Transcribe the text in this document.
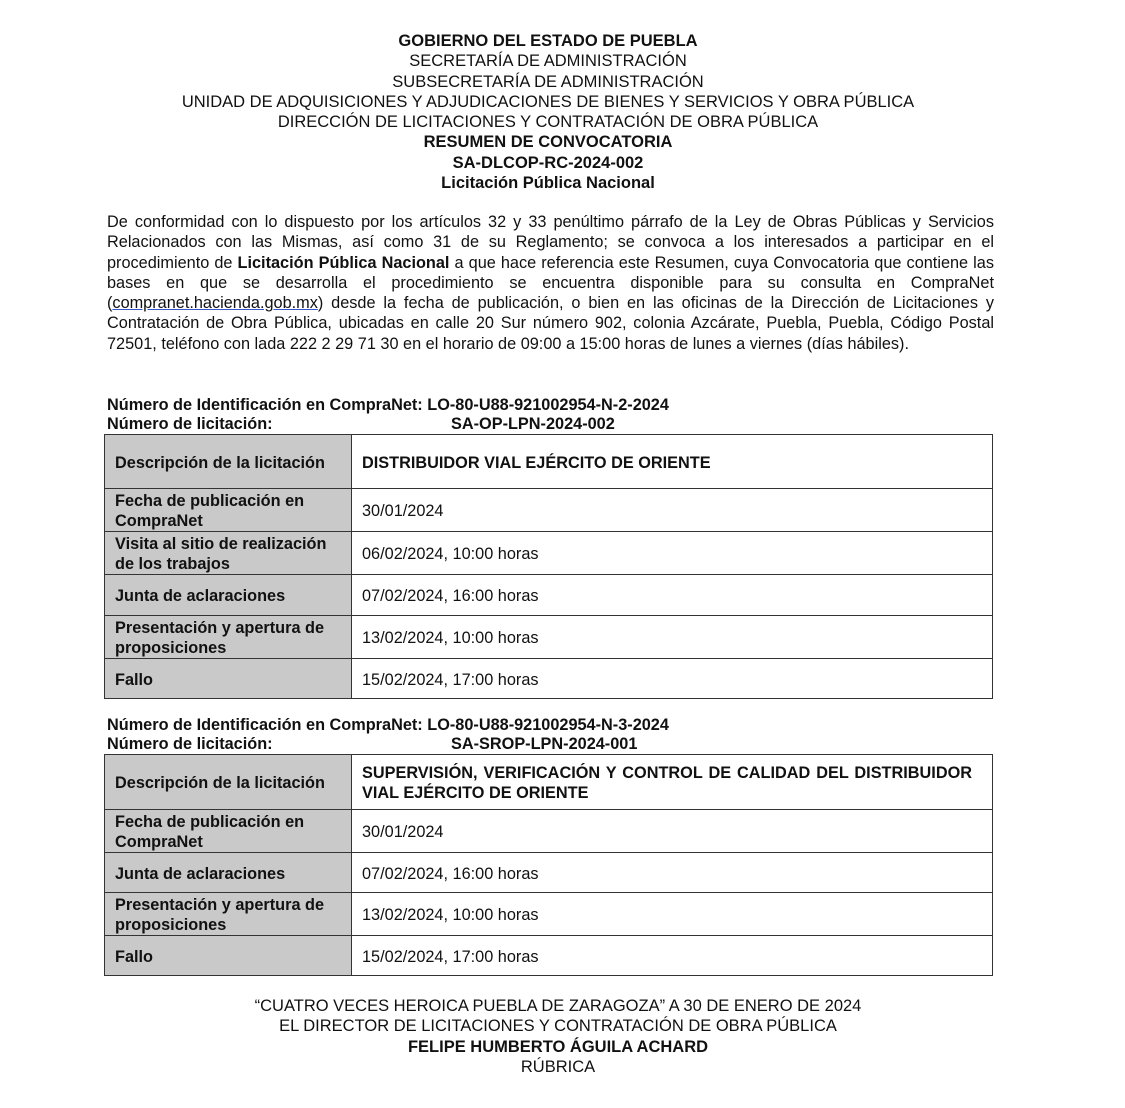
GOBIERNO DEL ESTADO DE PUEBLA
SECRETARÍA DE ADMINISTRACIÓN
SUBSECRETARÍA DE ADMINISTRACIÓN
UNIDAD DE ADQUISICIONES Y ADJUDICACIONES DE BIENES Y SERVICIOS Y OBRA PÚBLICA
DIRECCIÓN DE LICITACIONES Y CONTRATACIÓN DE OBRA PÚBLICA
RESUMEN DE CONVOCATORIA
SA-DLCOP-RC-2024-002
Licitación Pública Nacional

De conformidad con lo dispuesto por los artículos 32 y 33 penúltimo párrafo de la Ley de Obras Públicas y Servicios Relacionados con las Mismas, así como 31 de su Reglamento; se convoca a los interesados a participar en el procedimiento de Licitación Pública Nacional a que hace referencia este Resumen, cuya Convocatoria que contiene las bases en que se desarrolla el procedimiento se encuentra disponible para su consulta en CompraNet (compranet.hacienda.gob.mx) desde la fecha de publicación, o bien en las oficinas de la Dirección de Licitaciones y Contratación de Obra Pública, ubicadas en calle 20 Sur número 902, colonia Azcárate, Puebla, Puebla, Código Postal 72501, teléfono con lada 222 2 29 71 30 en el horario de 09:00 a 15:00 horas de lunes a viernes (días hábiles).

Número de Identificación en CompraNet: LO-80-U88-921002954-N-2-2024
Número de licitación:	SA-OP-LPN-2024-002
Descripción de la licitación	DISTRIBUIDOR VIAL EJÉRCITO DE ORIENTE
Fecha de publicación en CompraNet	30/01/2024
Visita al sitio de realización de los trabajos	06/02/2024, 10:00 horas
Junta de aclaraciones	07/02/2024, 16:00 horas
Presentación y apertura de proposiciones	13/02/2024, 10:00 horas
Fallo	15/02/2024, 17:00 horas
Número de Identificación en CompraNet: LO-80-U88-921002954-N-3-2024
Número de licitación:	SA-SROP-LPN-2024-001
Descripción de la licitación	SUPERVISIÓN, VERIFICACIÓN Y CONTROL DE CALIDAD DEL DISTRIBUIDOR VIAL EJÉRCITO DE ORIENTE
Fecha de publicación en CompraNet	30/01/2024
Junta de aclaraciones	07/02/2024, 16:00 horas
Presentación y apertura de proposiciones	13/02/2024, 10:00 horas
Fallo	15/02/2024, 17:00 horas
“CUATRO VECES HEROICA PUEBLA DE ZARAGOZA” A 30 DE ENERO DE 2024
EL DIRECTOR DE LICITACIONES Y CONTRATACIÓN DE OBRA PÚBLICA
FELIPE HUMBERTO ÁGUILA ACHARD
RÚBRICA
